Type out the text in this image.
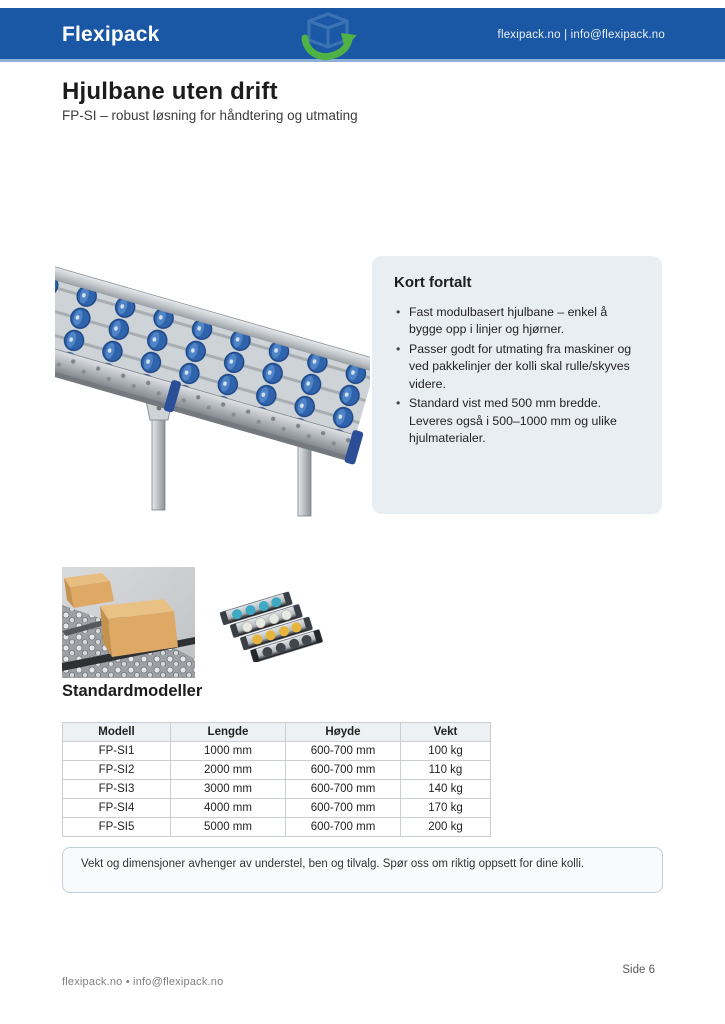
Flexipack	flexipack.no | info@flexipack.no
Hjulbane uten drift
FP-SI – robust løsning for håndtering og utmating
Kort fortalt
• Fast modulbasert hjulbane – enkel å bygge opp i linjer og hjørner.
• Passer godt for utmating fra maskiner og ved pakkelinjer der kolli skal rulle/skyves videre.
• Standard vist med 500 mm bredde. Leveres også i 500–1000 mm og ulike hjulmaterialer.
Standardmodeller
Modell	Lengde	Høyde	Vekt
FP-SI1	1000 mm	600-700 mm	100 kg
FP-SI2	2000 mm	600-700 mm	110 kg
FP-SI3	3000 mm	600-700 mm	140 kg
FP-SI4	4000 mm	600-700 mm	170 kg
FP-SI5	5000 mm	600-700 mm	200 kg
Vekt og dimensjoner avhenger av understel, ben og tilvalg. Spør oss om riktig oppsett for dine kolli.
flexipack.no • info@flexipack.no
Side 6
